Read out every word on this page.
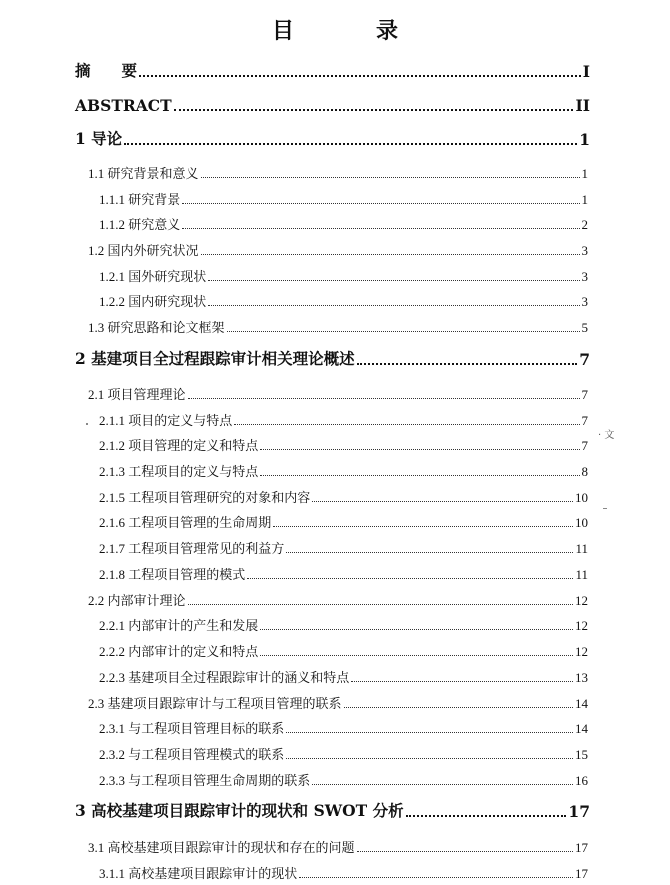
目　录
摘　　要	I
ABSTRACT	II
1 导论	1
1.1 研究背景和意义	1
1.1.1 研究背景	1
1.1.2 研究意义	2
1.2 国内外研究状况	3
1.2.1 国外研究现状	3
1.2.2 国内研究现状	3
1.3 研究思路和论文框架	5
2 基建项目全过程跟踪审计相关理论概述	7
2.1 项目管理理论	7
2.1.1 项目的定义与特点	7
2.1.2 项目管理的定义和特点	7
2.1.3 工程项目的定义与特点	8
2.1.5 工程项目管理研究的对象和内容	10
2.1.6 工程项目管理的生命周期	10
2.1.7 工程项目管理常见的利益方	11
2.1.8 工程项目管理的模式	11
2.2 内部审计理论	12
2.2.1 内部审计的产生和发展	12
2.2.2 内部审计的定义和特点	12
2.2.3 基建项目全过程跟踪审计的涵义和特点	13
2.3 基建项目跟踪审计与工程项目管理的联系	14
2.3.1 与工程项目管理目标的联系	14
2.3.2 与工程项目管理模式的联系	15
2.3.3 与工程项目管理生命周期的联系	16
3 高校基建项目跟踪审计的现状和 SWOT 分析	17
3.1 高校基建项目跟踪审计的现状和存在的问题	17
3.1.1 高校基建项目跟踪审计的现状	17
· 文
